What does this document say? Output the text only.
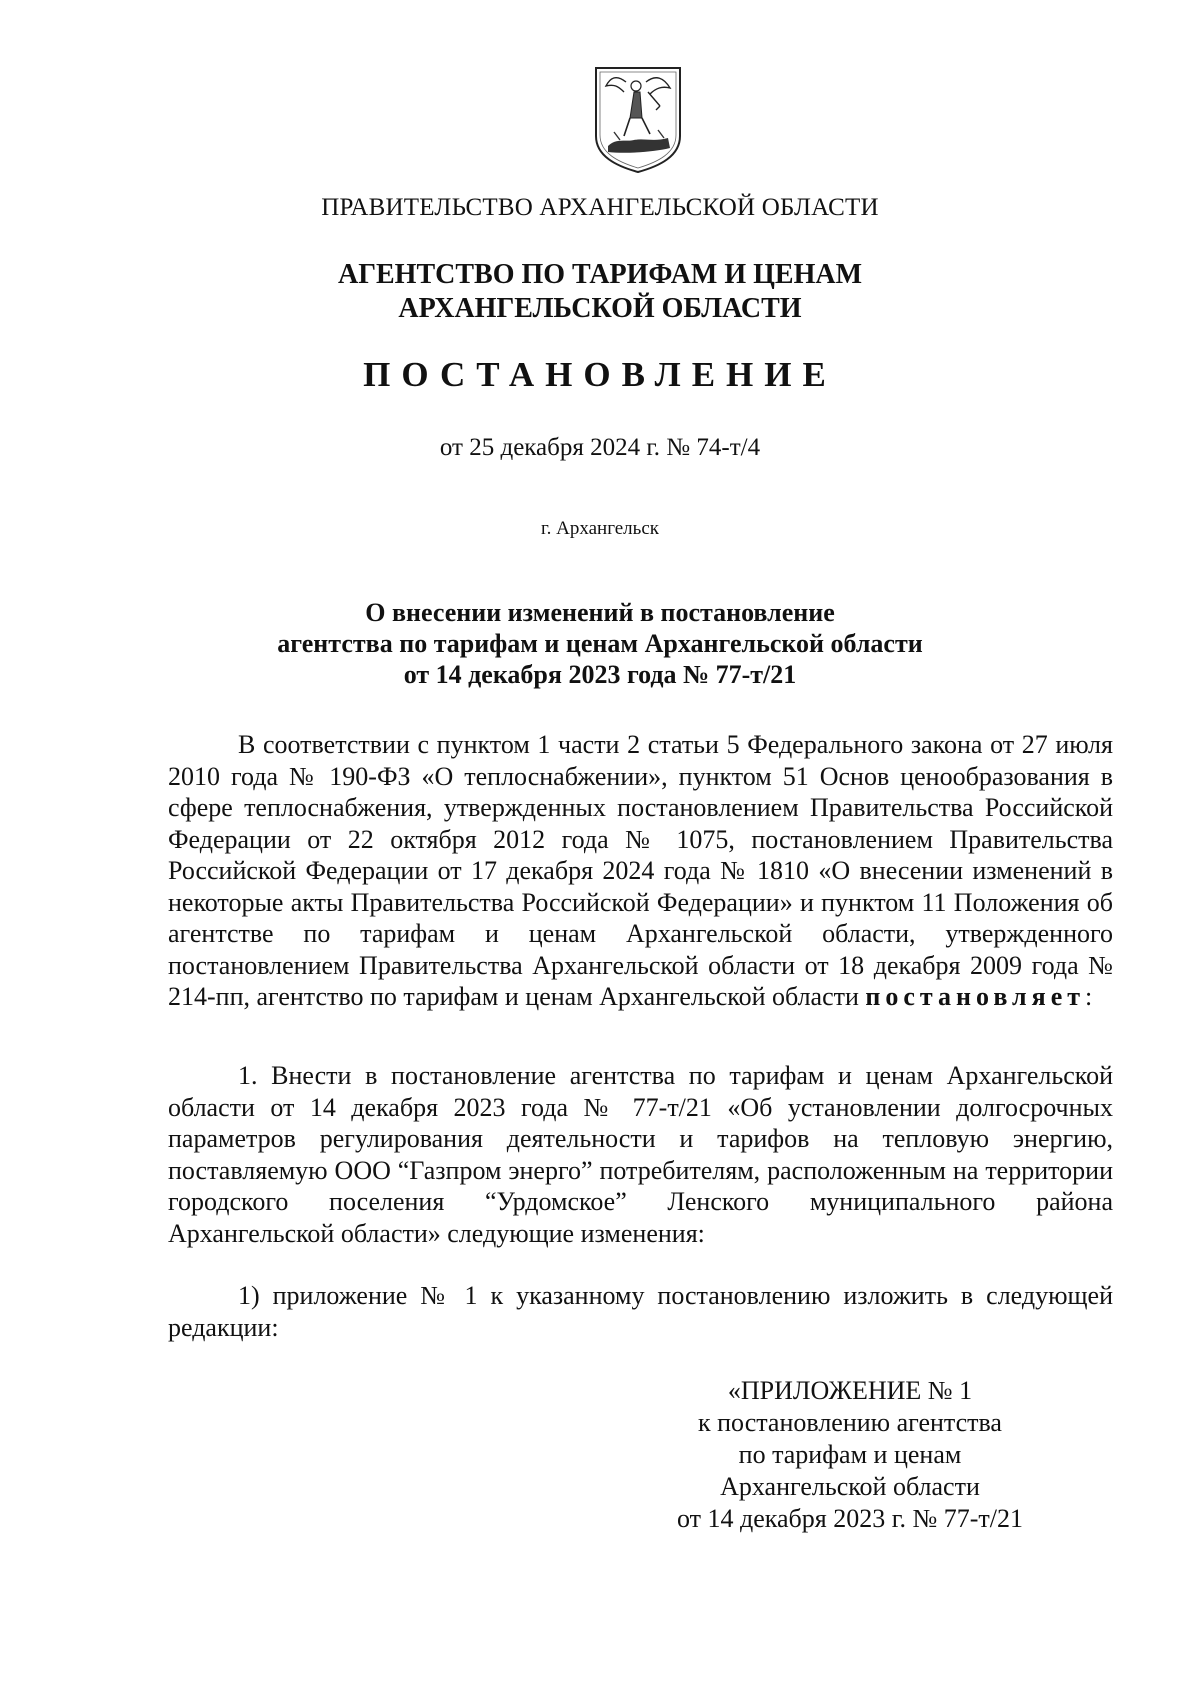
ПРАВИТЕЛЬСТВО АРХАНГЕЛЬСКОЙ ОБЛАСТИ
АГЕНТСТВО ПО ТАРИФАМ И ЦЕНАМ
АРХАНГЕЛЬСКОЙ ОБЛАСТИ
ПОСТАНОВЛЕНИЕ
от 25 декабря 2024 г. № 74-т/4
г. Архангельск
О внесении изменений в постановление
агентства по тарифам и ценам Архангельской области
от 14 декабря 2023 года № 77-т/21

В соответствии с пунктом 1 части 2 статьи 5 Федерального закона от 27 июля 2010 года № 190-ФЗ «О теплоснабжении», пунктом 51 Основ ценообразования в сфере теплоснабжения, утвержденных постановлением Правительства Российской Федерации от 22 октября 2012 года № 1075, постановлением Правительства Российской Федерации от 17 декабря 2024 года № 1810 «О внесении изменений в некоторые акты Правительства Российской Федерации» и пунктом 11 Положения об агентстве по тарифам и ценам Архангельской области, утвержденного постановлением Правительства Архангельской области от 18 декабря 2009 года № 214-пп, агентство по тарифам и ценам Архангельской области постановляет:

1. Внести в постановление агентства по тарифам и ценам Архангельской области от 14 декабря 2023 года № 77-т/21 «Об установлении долгосрочных параметров регулирования деятельности и тарифов на тепловую энергию, поставляемую ООО “Газпром энерго” потребителям, расположенным на территории городского поселения “Урдомское” Ленского муниципального района Архангельской области» следующие изменения:

1) приложение № 1 к указанному постановлению изложить в следующей редакции:

«ПРИЛОЖЕНИЕ № 1
к постановлению агентства
по тарифам и ценам
Архангельской области
от 14 декабря 2023 г. № 77-т/21
